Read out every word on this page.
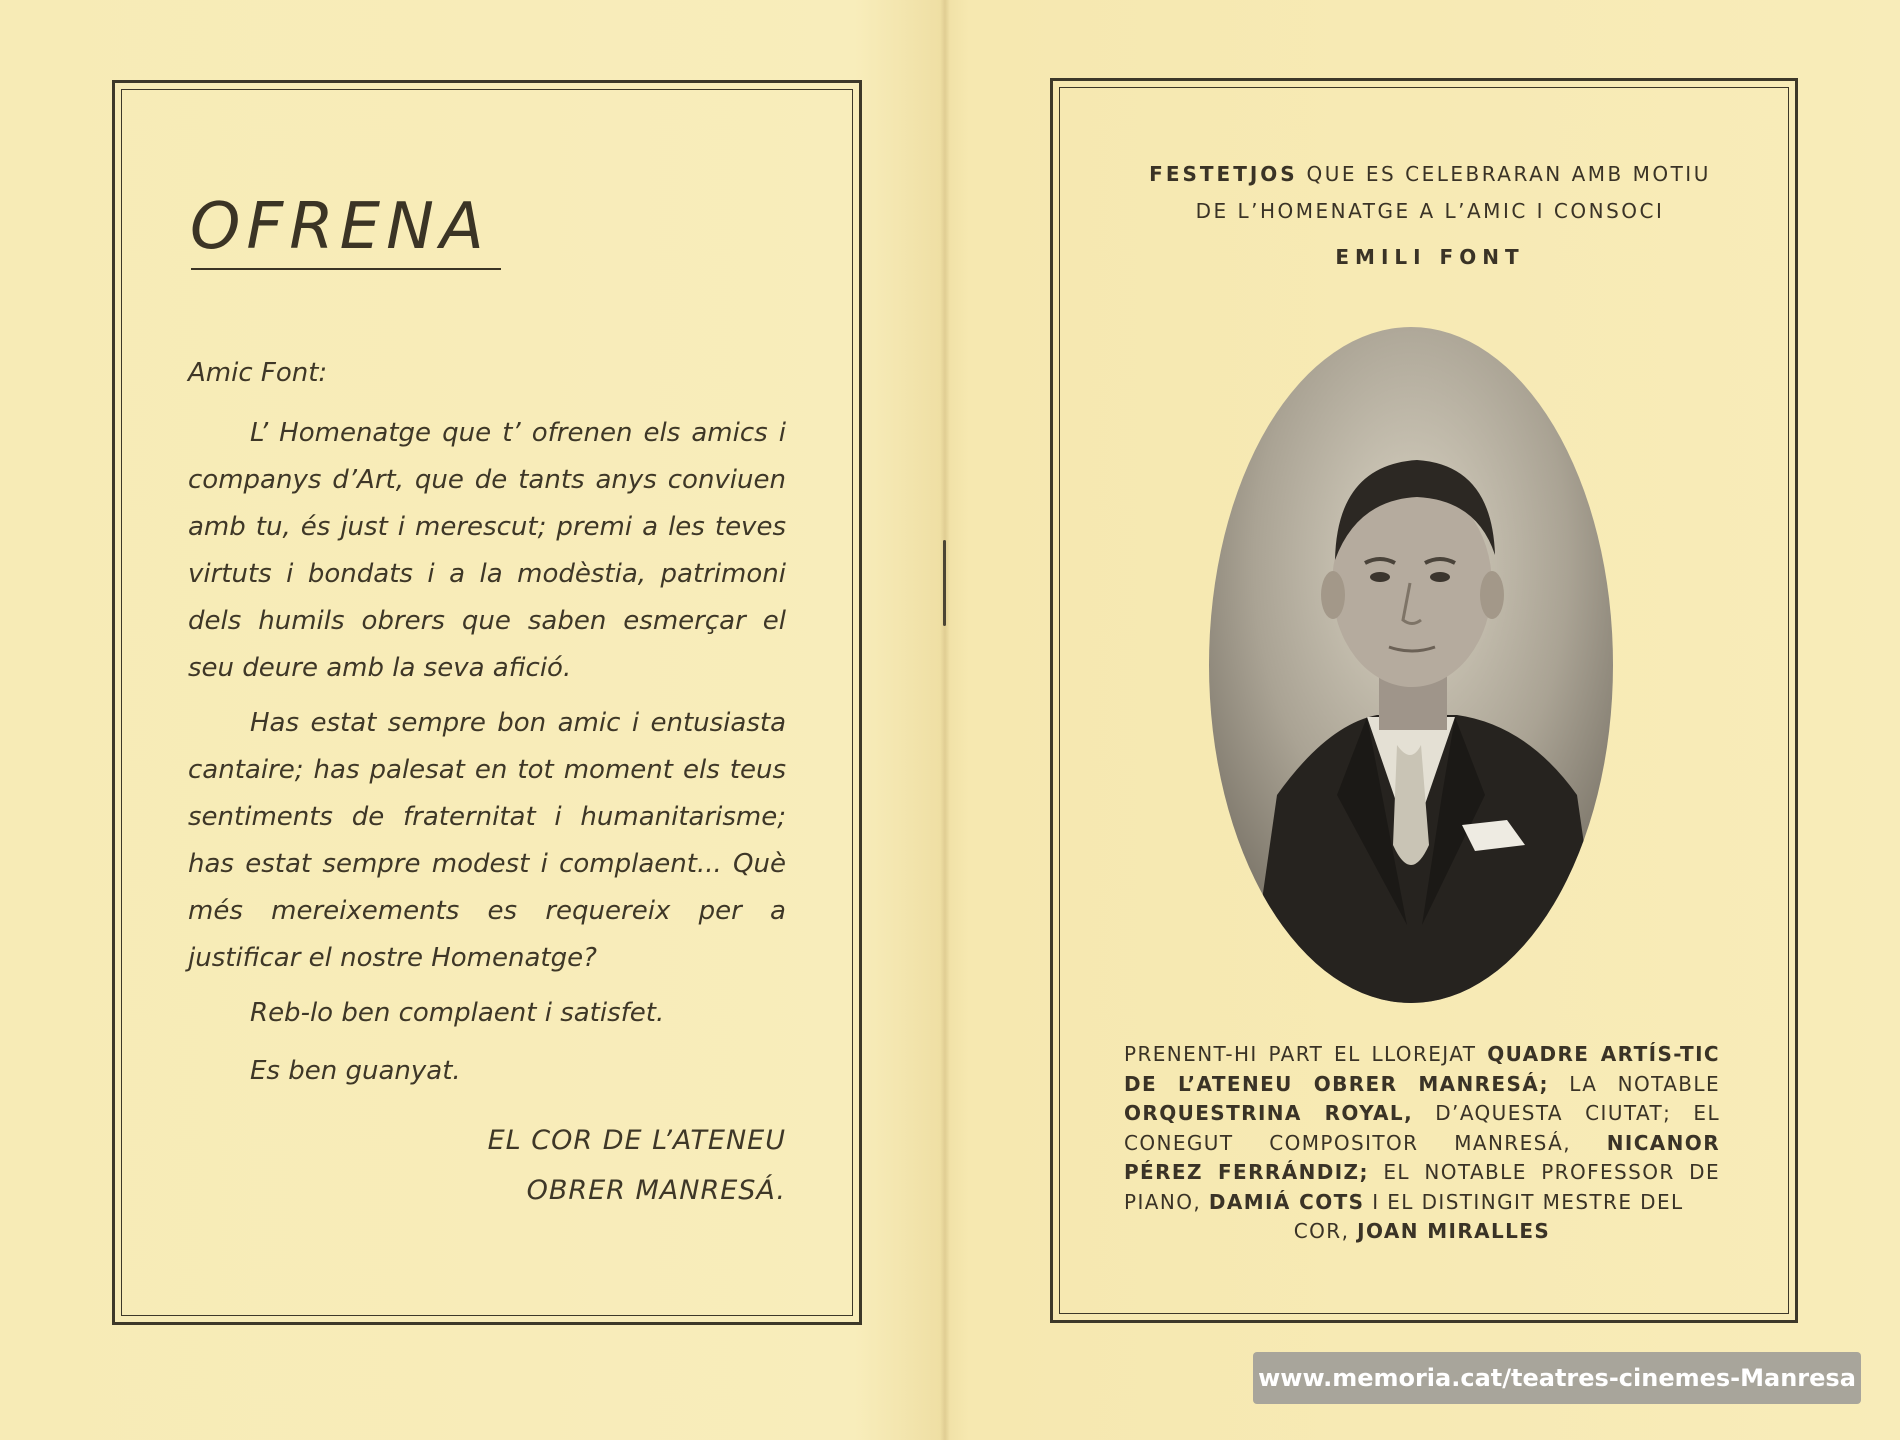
OFRENA
Amic Font:

L’ Homenatge que t’ ofrenen els amics i companys d’Art, que de tants anys conviuen amb tu, és just i merescut; premi a les teves virtuts i bondats i a la modèstia, patrimoni dels humils obrers que saben esmerçar el seu deure amb la seva afició.

Has estat sempre bon amic i entusiasta cantaire; has palesat en tot moment els teus sentiments de fraternitat i humanitarisme; has estat sempre modest i complaent... Què més mereixements es requereix per a justificar el nostre Homenatge?

Reb-lo ben complaent i satisfet.

Es ben guanyat.

EL COR DE L’ATENEU
OBRER MANRESÁ.
FESTETJOS QUE ES CELEBRARAN AMB MOTIU
DE L’HOMENATGE A L’AMIC I CONSOCI
EMILI FONT
PRENENT-HI PART EL LLOREJAT QUADRE ARTÍS-TIC DE L’ATENEU OBRER MANRESÁ; LA NOTABLE ORQUESTRINA ROYAL, D’AQUESTA CIUTAT; EL CONEGUT COMPOSITOR MANRESÁ, NICANOR PÉREZ FERRÁNDIZ; EL NOTABLE PROFESSOR DE PIANO, DAMIÁ COTS I EL DISTINGIT MESTRE DEL
COR, JOAN MIRALLES
www.memoria.cat/teatres-cinemes-Manresa
